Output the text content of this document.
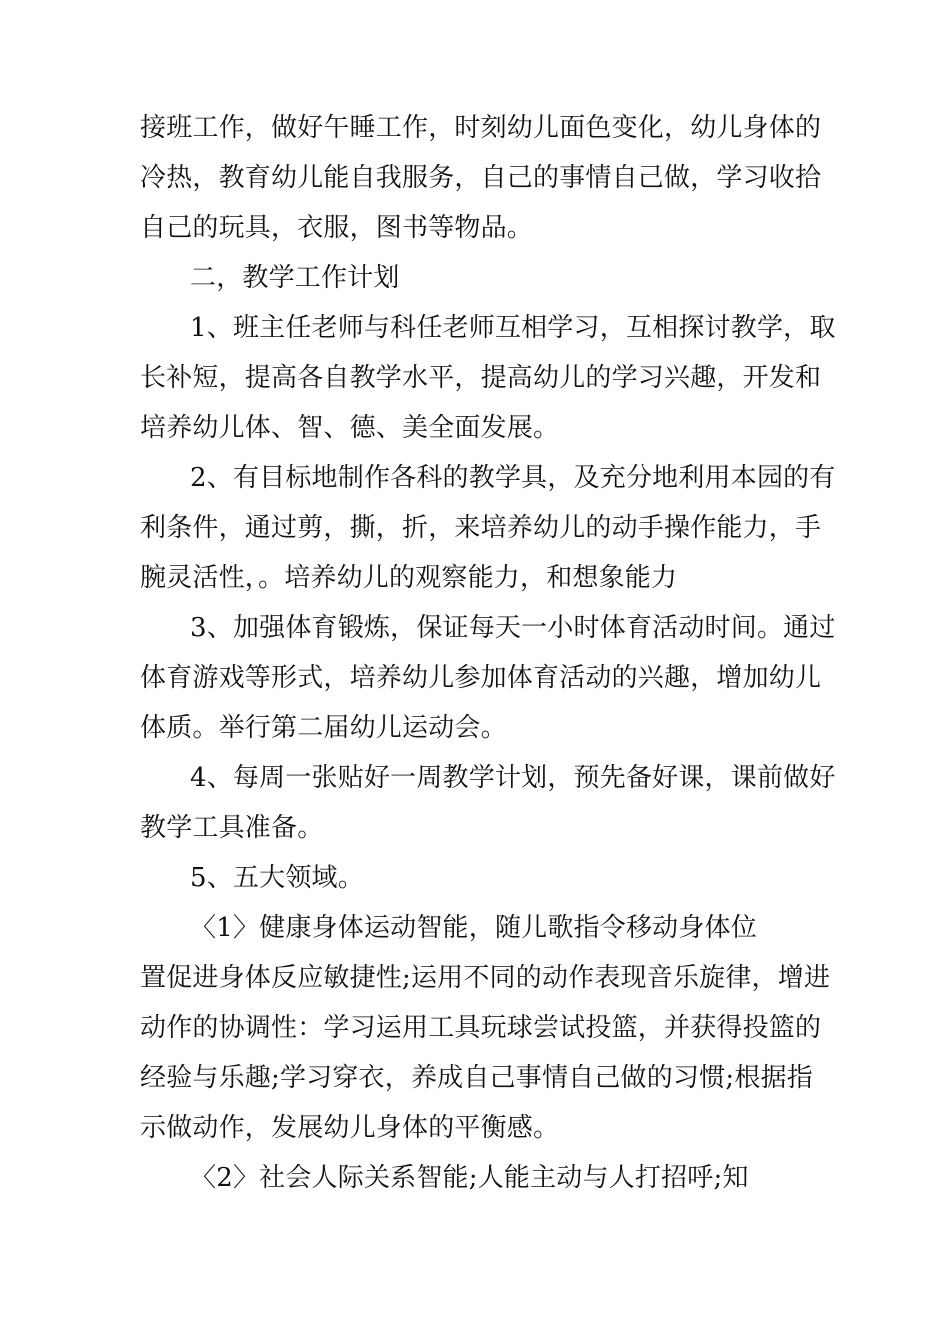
接班工作，做好午睡工作，时刻幼儿面色变化，幼儿身体的
冷热，教育幼儿能自我服务，自己的事情自己做，学习收拾
自己的玩具，衣服，图书等物品。
二，教学工作计划
1、班主任老师与科任老师互相学习，互相探讨教学，取
长补短，提高各自教学水平，提高幼儿的学习兴趣，开发和
培养幼儿体、智、德、美全面发展。
2、有目标地制作各科的教学具，及充分地利用本园的有
利条件，通过剪，撕，折，来培养幼儿的动手操作能力，手
腕灵活性，。培养幼儿的观察能力，和想象能力
3、加强体育锻炼，保证每天一小时体育活动时间。通过
体育游戏等形式，培养幼儿参加体育活动的兴趣，增加幼儿
体质。举行第二届幼儿运动会。
4、每周一张贴好一周教学计划，预先备好课，课前做好
教学工具准备。
5、五大领域。
〈1〉健康身体运动智能，随儿歌指令移动身体位
置促进身体反应敏捷性;运用不同的动作表现音乐旋律，增进
动作的协调性：学习运用工具玩球尝试投篮，并获得投篮的
经验与乐趣;学习穿衣，养成自己事情自己做的习惯;根据指
示做动作，发展幼儿身体的平衡感。
〈2〉社会人际关系智能;人能主动与人打招呼;知
